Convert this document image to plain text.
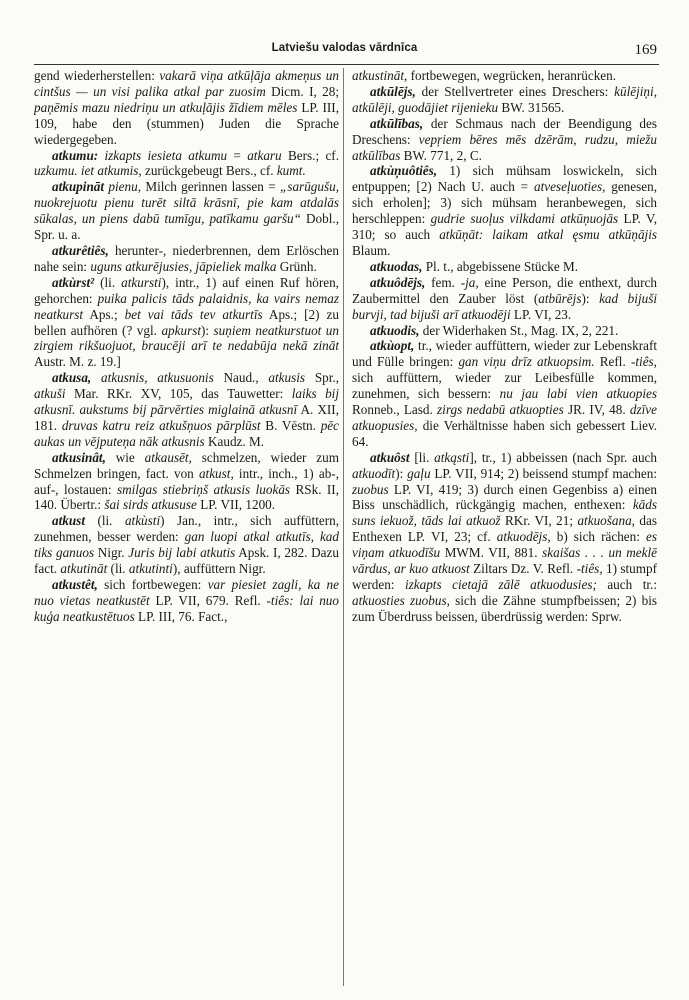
Latviešu valodas vārdnīca	169

gend wiederherstellen: vakarā viņa atkūļāja akmeņus un cintšus — un visi palika atkal par zuosim Dicm. I, 28; paņēmis mazu niedriņu un atkuļājis žīdiem mēles LP. III, 109, habe den (stummen) Juden die Sprache wiedergegeben.

atkumu: izkapts iesieta atkumu = atkaru Bers.; cf. uzkumu. iet atkumis, zurückgebeugt Bers., cf. kumt.

atkupināt pienu, Milch gerinnen lassen = „sarūgušu, nuokrejuotu pienu turēt siltā krāsnī, pie kam atdalās sūkalas, un piens dabū tumīgu, patīkamu garšu“ Dobl., Spr. u. a.

atkurêtiês, herunter-, niederbrennen, dem Erlöschen nahe sein: uguns atkurējusies, jāpieliek malka Grünh.

atkùrst² (li. atkursti), intr., 1) auf einen Ruf hören, gehorchen: puika palicis tāds palaidnis, ka vairs nemaz neatkurst Aps.; bet vai tāds tev atkurtīs Aps.; [2) zu bellen aufhören (? vgl. apkurst): suņiem neatkurstuot un zirgiem rikšuojuot, braucēji arī te nedabūja nekā zināt Austr. M. z. 19.]

atkusa, atkusnis, atkusuonis Naud., atkusis Spr., atkuši Mar. RKr. XV, 105, das Tauwetter: laiks bij atkusnī. aukstums bij pārvērties miglainā atkusnī A. XII, 181. druvas katru reiz atkušņuos pārplūst B. Vēstn. pēc aukas un vējputeņa nāk atkusnis Kaudz. M.

atkusinât, wie atkausēt, schmelzen, wieder zum Schmelzen bringen, fact. von atkust, intr., inch., 1) ab-, auf-, lostauen: smilgas stiebriņš atkusis luokās RSk. II, 140. Übertr.: šai sirds atkususe LP. VII, 1200.

atkust (li. atkùsti) Jan., intr., sich auffüttern, zunehmen, besser werden: gan luopi atkal atkutīs, kad tiks ganuos Nigr. Juris bij labi atkutis Apsk. I, 282. Dazu fact. atkutināt (li. atkutinti), auffüttern Nigr.

atkustêt, sich fortbewegen: var piesiet zagli, ka ne nuo vietas neatkustēt LP. VII, 679. Refl. -tiês: lai nuo kuģa neatkustētuos LP. III, 76. Fact.,

atkustināt, fortbewegen, wegrücken, heranrücken.

atkūlējs, der Stellvertreter eines Dreschers: kūlējiņi, atkūlēji, guodājiet rijenieku BW. 31565.

atkūlības, der Schmaus nach der Beendigung des Dreschens: vepŗiem bēres mēs dzērām, rudzu, miežu atkūlības BW. 771, 2, C.

atkùņuôtiês, 1) sich mühsam loswickeln, sich entpuppen; [2) Nach U. auch = atveseļuoties, genesen, sich erholen]; 3) sich mühsam heranbewegen, sich herschleppen: gudrie suoļus vilkdami atkūņuojās LP. V, 310; so auch atkūņāt: laikam atkal ęsmu atkūņājis Blaum.

atkuodas, Pl. t., abgebissene Stücke M.

atkuôdējs, fem. -ja, eine Person, die enthext, durch Zaubermittel den Zauber löst (atbūrējs): kad bijuši burvji, tad bijuši arī atkuodēji LP. VI, 23.

atkuodis, der Widerhaken St., Mag. IX, 2, 221.

atkùopt, tr., wieder auffüttern, wieder zur Lebenskraft und Fülle bringen: gan viņu drīz atkuopsim. Refl. -tiês, sich auffüttern, wieder zur Leibesfülle kommen, zunehmen, sich bessern: nu jau labi vien atkuopies Ronneb., Lasd. zirgs nedabū atkuopties JR. IV, 48. dzīve atkuopusies, die Verhältnisse haben sich gebessert Liev. 64.

atkuôst [li. atkąsti], tr., 1) abbeissen (nach Spr. auch atkuodīt): gaļu LP. VII, 914; 2) beissend stumpf machen: zuobus LP. VI, 419; 3) durch einen Gegenbiss a) einen Biss unschädlich, rückgängig machen, enthexen: kāds suns iekuož, tāds lai atkuož RKr. VI, 21; atkuošana, das Enthexen LP. VI, 23; cf. atkuodējs, b) sich rächen: es viņam atkuodīšu MWM. VII, 881. skaišas . . . un meklē vārdus, ar kuo atkuost Ziltars Dz. V. Refl. -tiês, 1) stumpf werden: izkapts cietajā zālē atkuodusies; auch tr.: atkuosties zuobus, sich die Zähne stumpfbeissen; 2) bis zum Überdruss beissen, überdrüssig werden: Sprw.
